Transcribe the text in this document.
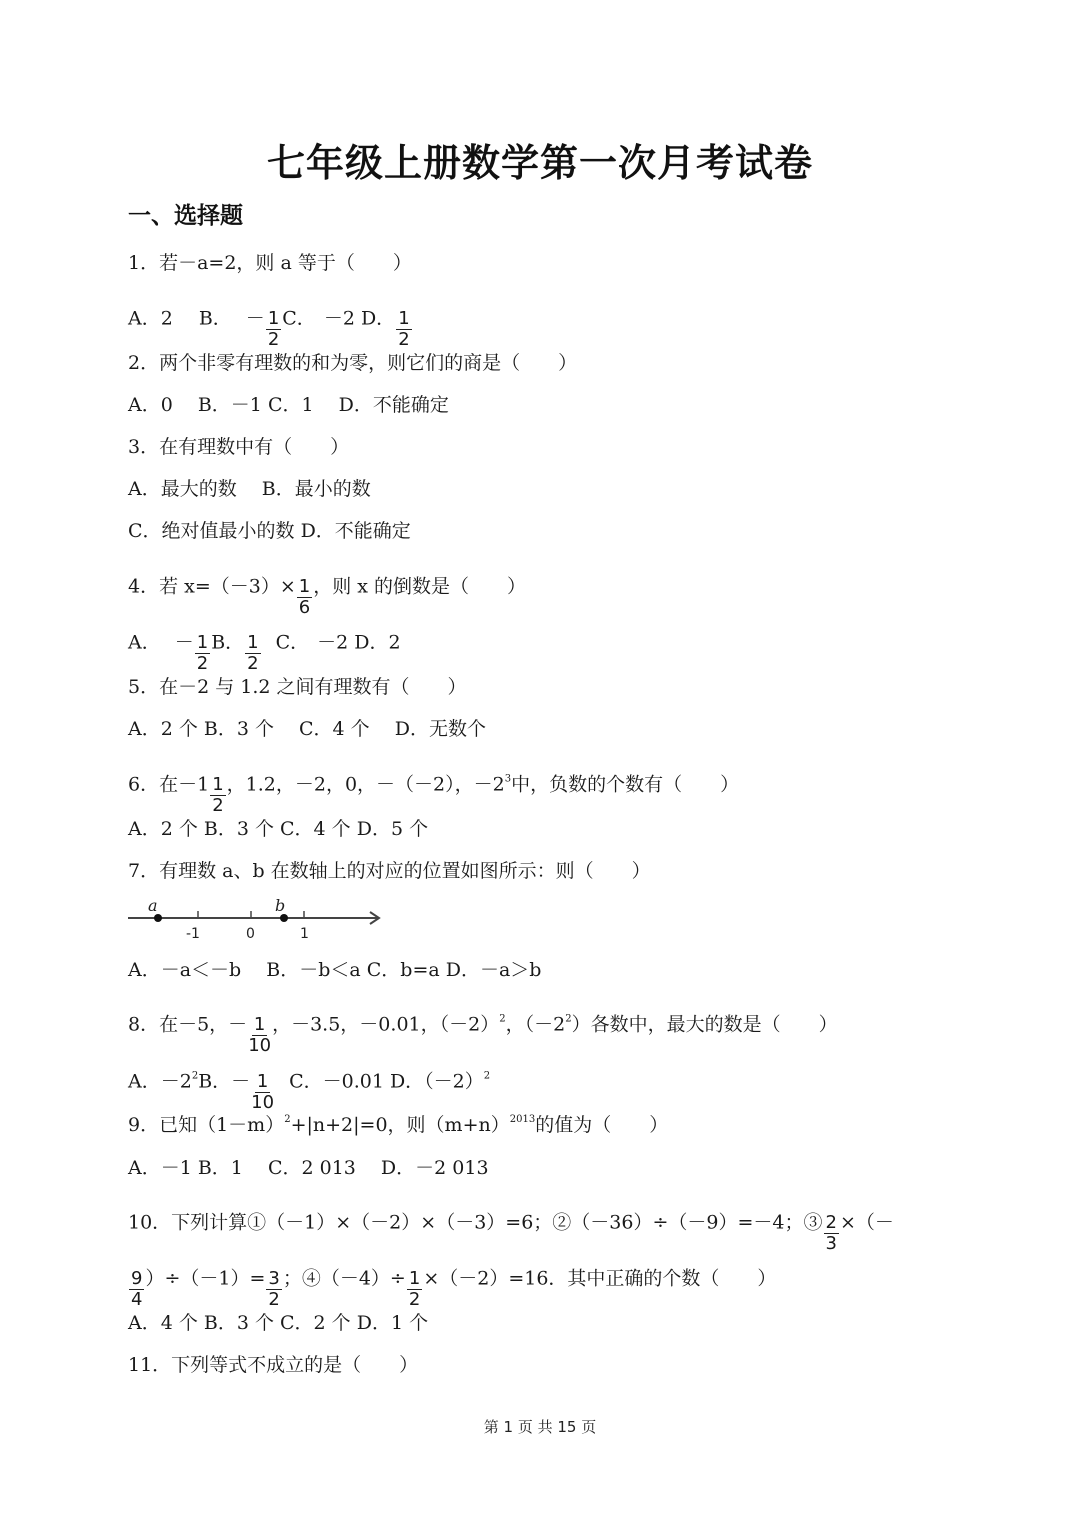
七年级上册数学第一次月考试卷
一、选择题
1．若－a=2，则 a 等于（　　）
A．2 B． － $\frac{1}{2}$ C． －2 D． $\frac{1}{2}$
2．两个非零有理数的和为零，则它们的商是（　　）
A．0　 B．－1 C．1　 D．不能确定
3．在有理数中有（　　）
A．最大的数　 B．最小的数
C．绝对值最小的数 D．不能确定
4．若 $x=(-3)\times \frac{1}{6}$ ，则 x 的倒数是（　　）
A． － $\frac{1}{2}$ B． $\frac{1}{2}$ C． －2 D．2
5．在－2 与 1.2 之间有理数有（　　）
A．2 个 B．3 个　 C．4 个　 D．无数个
6．在$-1 \frac{1}{2}$ ，1.2，－2，0，－（－2），$-2^3$中，负数的个数有（　　）
A．2 个 B．3 个 C．4 个 D．5 个
7．有理数 a、b 在数轴上的对应的位置如图所示：则（　　）
a	b
-1	0	1
A．－a＜－b　 B．－b＜a C．b=a D．－a＞b
8．在－5，－ $\frac{1}{10}$ ，－3.5，－0.01，$(-2)^2$，$(-2^2)$各数中，最大的数是（　　）
A．$-2^2B$．－ $\frac{1}{10}$ C．－0.01 D．$(-2)^2$
9．已知$(1-m)^2+|n+2|=0$，则$(m+n)^{2013}$的值为（　　）
A．－1 B．1　 C．2 013　 D．－2 013
10．下列计算①（－1）×（－2）×（－3）=6；②（－36）÷（－9）=－4；③ $\frac{2}{3}$ ×（－
$\frac{9}{4} )\div(-1)= \frac{3}{2}$ ；④（－4）÷ $\frac{1}{2} \times(-2)=16$．其中正确的个数（　　）
A．4 个 B．3 个 C．2 个 D．1 个
11．下列等式不成立的是（　　）
第 1 页 共 15 页
